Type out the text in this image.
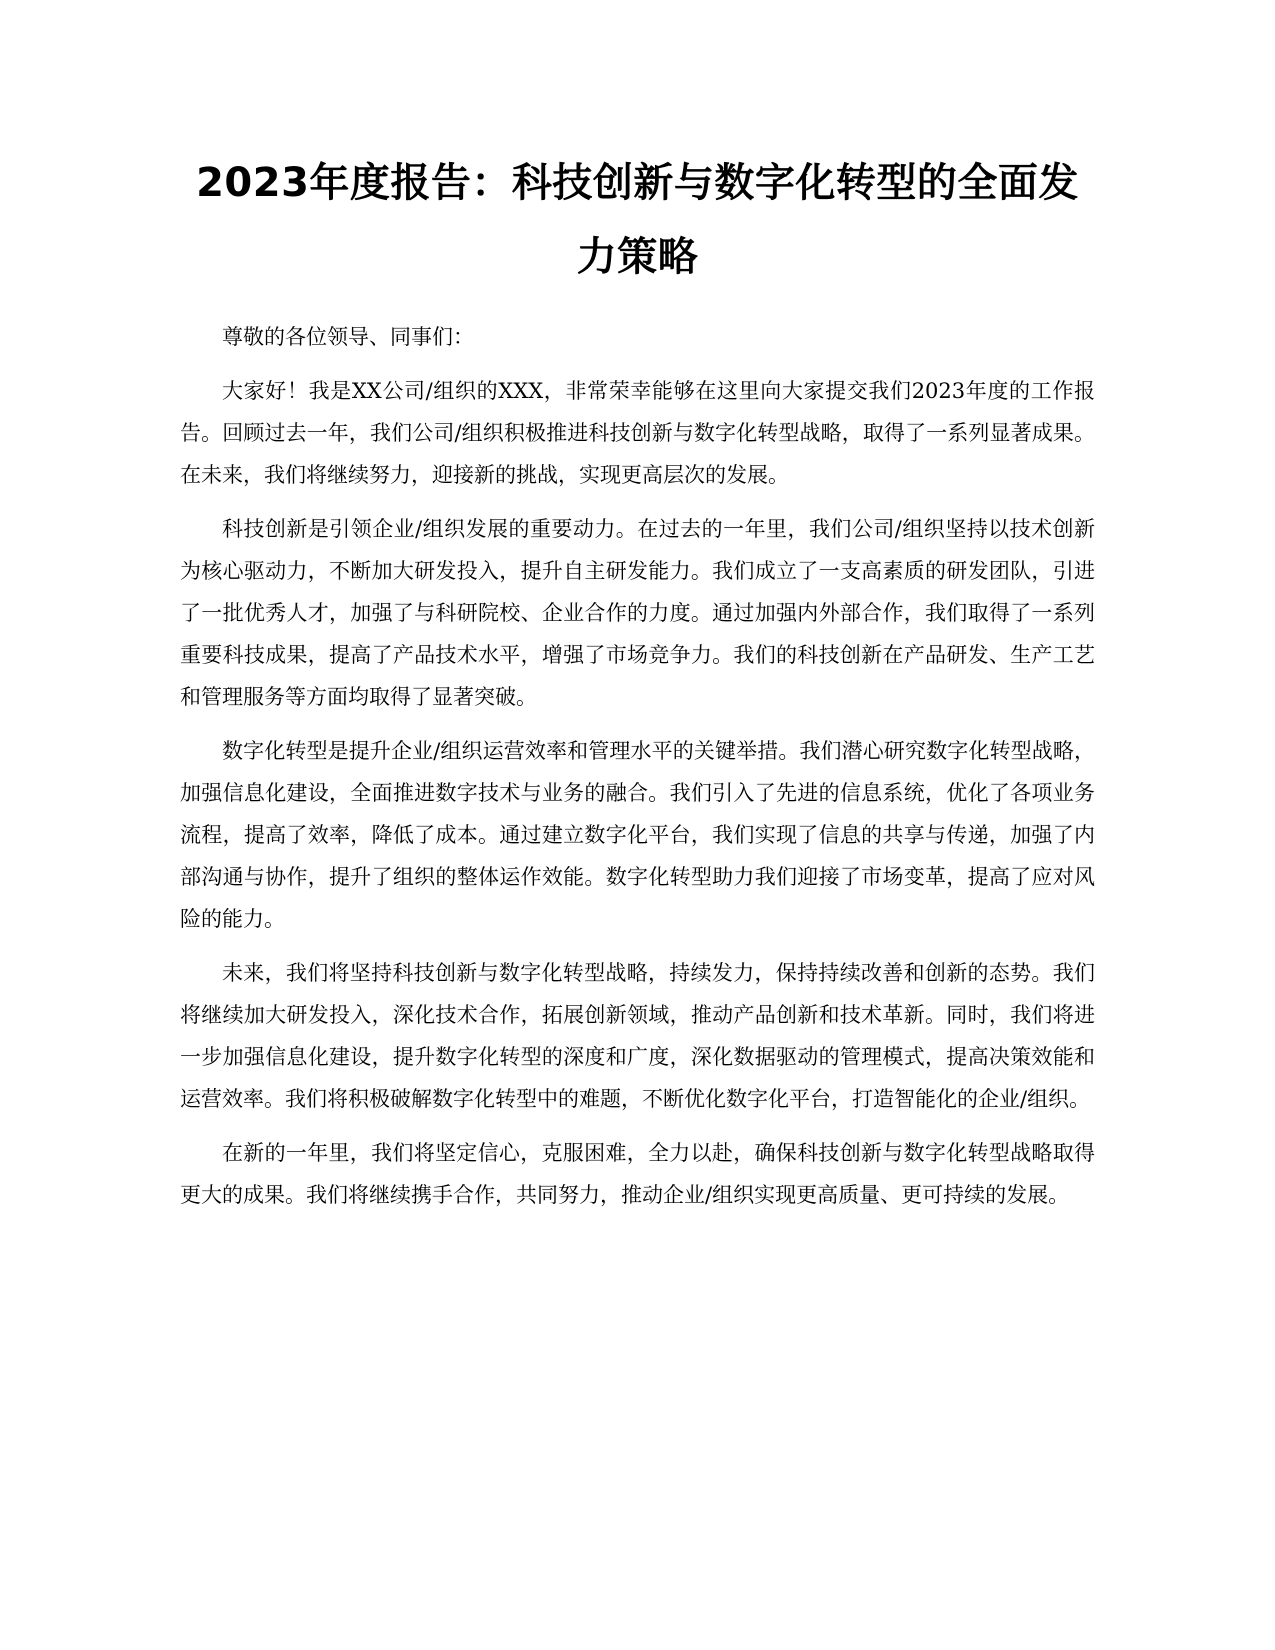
2023年度报告：科技创新与数字化转型的全面发力策略

尊敬的各位领导、同事们：

大家好！我是XX公司/组织的XXX，非常荣幸能够在这里向大家提交我们2023年度的工作报告。回顾过去一年，我们公司/组织积极推进科技创新与数字化转型战略，取得了一系列显著成果。在未来，我们将继续努力，迎接新的挑战，实现更高层次的发展。

科技创新是引领企业/组织发展的重要动力。在过去的一年里，我们公司/组织坚持以技术创新为核心驱动力，不断加大研发投入，提升自主研发能力。我们成立了一支高素质的研发团队，引进了一批优秀人才，加强了与科研院校、企业合作的力度。通过加强内外部合作，我们取得了一系列重要科技成果，提高了产品技术水平，增强了市场竞争力。我们的科技创新在产品研发、生产工艺和管理服务等方面均取得了显著突破。

数字化转型是提升企业/组织运营效率和管理水平的关键举措。我们潜心研究数字化转型战略，加强信息化建设，全面推进数字技术与业务的融合。我们引入了先进的信息系统，优化了各项业务流程，提高了效率，降低了成本。通过建立数字化平台，我们实现了信息的共享与传递，加强了内部沟通与协作，提升了组织的整体运作效能。数字化转型助力我们迎接了市场变革，提高了应对风险的能力。

未来，我们将坚持科技创新与数字化转型战略，持续发力，保持持续改善和创新的态势。我们将继续加大研发投入，深化技术合作，拓展创新领域，推动产品创新和技术革新。同时，我们将进一步加强信息化建设，提升数字化转型的深度和广度，深化数据驱动的管理模式，提高决策效能和运营效率。我们将积极破解数字化转型中的难题，不断优化数字化平台，打造智能化的企业/组织。

在新的一年里，我们将坚定信心，克服困难，全力以赴，确保科技创新与数字化转型战略取得更大的成果。我们将继续携手合作，共同努力，推动企业/组织实现更高质量、更可持续的发展。
